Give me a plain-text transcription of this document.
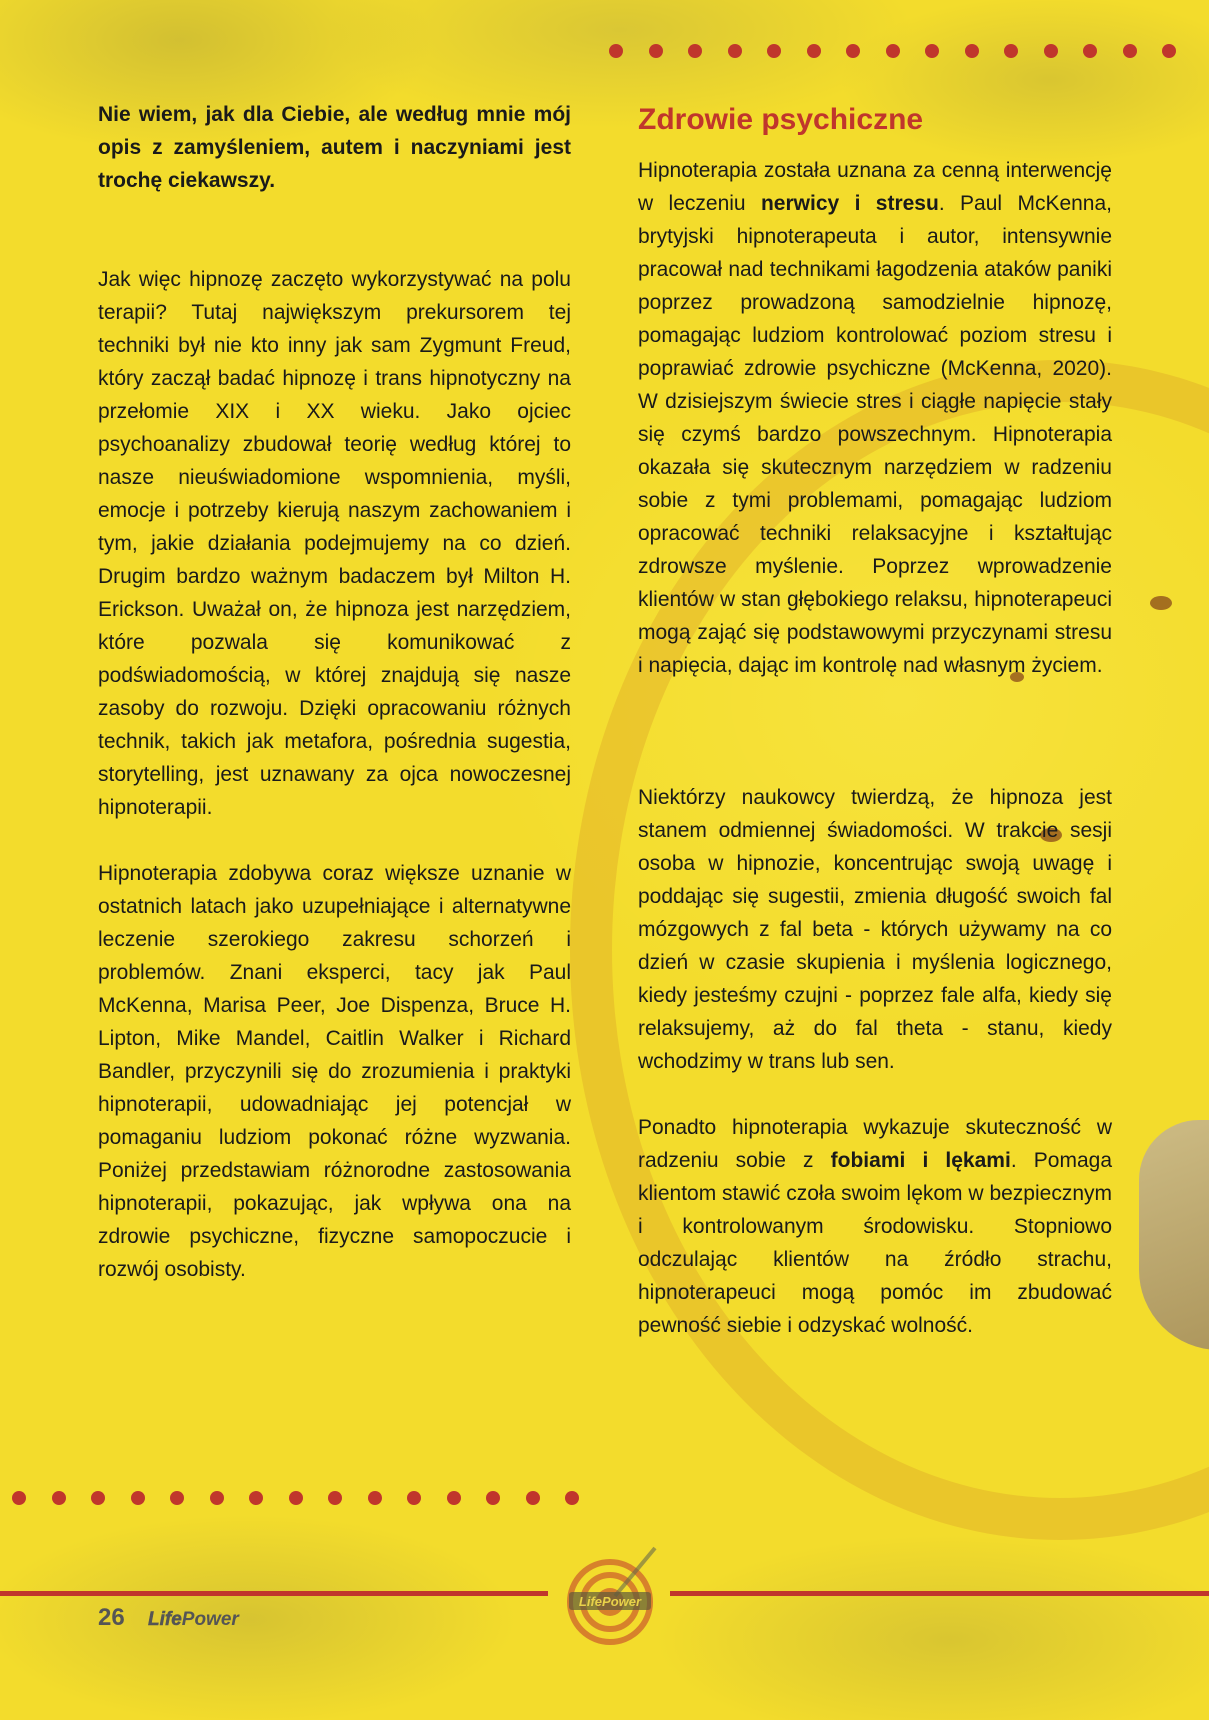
Nie wiem, jak dla Ciebie, ale według mnie mój opis z zamyśleniem, autem i naczyniami jest trochę ciekawszy.

Jak więc hipnozę zaczęto wykorzystywać na polu terapii? Tutaj największym prekursorem tej techniki był nie kto inny jak sam Zygmunt Freud, który zaczął badać hipnozę i trans hipnotyczny na przełomie XIX i XX wieku. Jako ojciec psychoanalizy zbudował teorię według której to nasze nieuświadomione wspomnienia, myśli, emocje i potrzeby kierują naszym zachowaniem i tym, jakie działania podejmujemy na co dzień. Drugim bardzo ważnym badaczem był Milton H. Erickson. Uważał on, że hipnoza jest narzędziem, które pozwala się komunikować z podświadomością, w której znajdują się nasze zasoby do rozwoju. Dzięki opracowaniu różnych technik, takich jak metafora, pośrednia sugestia, storytelling, jest uznawany za ojca nowoczesnej hipnoterapii.

Hipnoterapia zdobywa coraz większe uznanie w ostatnich latach jako uzupełniające i alternatywne leczenie szerokiego zakresu schorzeń i problemów. Znani eksperci, tacy jak Paul McKenna, Marisa Peer, Joe Dispenza, Bruce H. Lipton, Mike Mandel, Caitlin Walker i Richard Bandler, przyczynili się do zrozumienia i praktyki hipnoterapii, udowadniając jej potencjał w pomaganiu ludziom pokonać różne wyzwania. Poniżej przedstawiam różnorodne zastosowania hipnoterapii, pokazując, jak wpływa ona na zdrowie psychiczne, fizyczne samopoczucie i rozwój osobisty.

Zdrowie psychiczne

Hipnoterapia została uznana za cenną interwencję w leczeniu nerwicy i stresu. Paul McKenna, brytyjski hipnoterapeuta i autor, intensywnie pracował nad technikami łagodzenia ataków paniki poprzez prowadzoną samodzielnie hipnozę, pomagając ludziom kontrolować poziom stresu i poprawiać zdrowie psychiczne (McKenna, 2020). W dzisiejszym świecie stres i ciągłe napięcie stały się czymś bardzo powszechnym. Hipnoterapia okazała się skutecznym narzędziem w radzeniu sobie z tymi problemami, pomagając ludziom opracować techniki relaksacyjne i kształtując zdrowsze myślenie. Poprzez wprowadzenie klientów w stan głębokiego relaksu, hipnoterapeuci mogą zająć się podstawowymi przyczynami stresu i napięcia, dając im kontrolę nad własnym życiem.

Niektórzy naukowcy twierdzą, że hipnoza jest stanem odmiennej świadomości. W trakcie sesji osoba w hipnozie, koncentrując swoją uwagę i poddając się sugestii, zmienia długość swoich fal mózgowych z fal beta - których używamy na co dzień w czasie skupienia i myślenia logicznego, kiedy jesteśmy czujni - poprzez fale alfa, kiedy się relaksujemy, aż do fal theta - stanu, kiedy wchodzimy w trans lub sen.

Ponadto hipnoterapia wykazuje skuteczność w radzeniu sobie z fobiami i lękami. Pomaga klientom stawić czoła swoim lękom w bezpiecznym i kontrolowanym środowisku. Stopniowo odczulając klientów na źródło strachu, hipnoterapeuci mogą pomóc im zbudować pewność siebie i odzyskać wolność.

LifePower
26 LifePower
